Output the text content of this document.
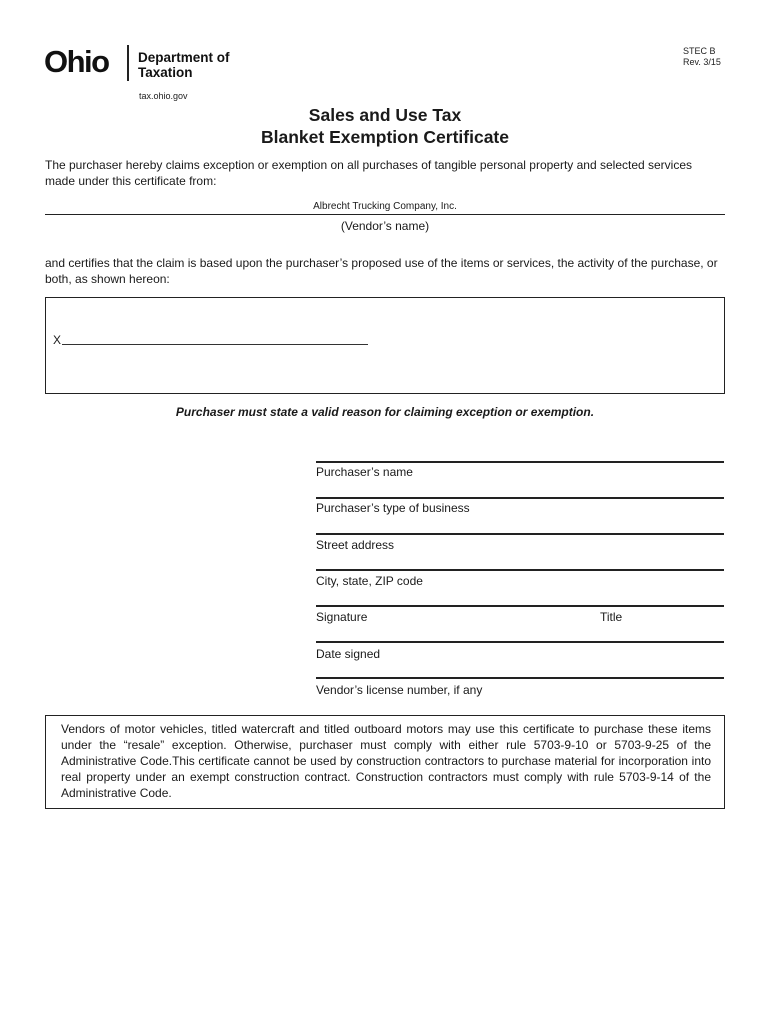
Ohio Department of
Taxation
tax.ohio.gov
STEC B
Rev. 3/15
Sales and Use Tax
Blanket Exemption Certificate
The purchaser hereby claims exception or exemption on all purchases of tangible personal property and selected services made under this certificate from:
Albrecht Trucking Company, Inc.
(Vendor’s name)
and certifies that the claim is based upon the purchaser’s proposed use of the items or services, the activity of the purchase, or both, as shown hereon:
X
Purchaser must state a valid reason for claiming exception or exemption.
Purchaser’s name
Purchaser’s type of business
Street address
City, state, ZIP code
Signature	Title
Date signed
Vendor’s license number, if any
Vendors of motor vehicles, titled watercraft and titled outboard motors may use this certificate to purchase these items under the “resale” exception. Otherwise, purchaser must comply with either rule 5703-9-10 or 5703-9-25 of the Administrative Code.This certificate cannot be used by construction contractors to purchase material for incorporation into real property under an exempt construction contract. Construction contractors must comply with rule 5703-9-14 of the Administrative Code.
